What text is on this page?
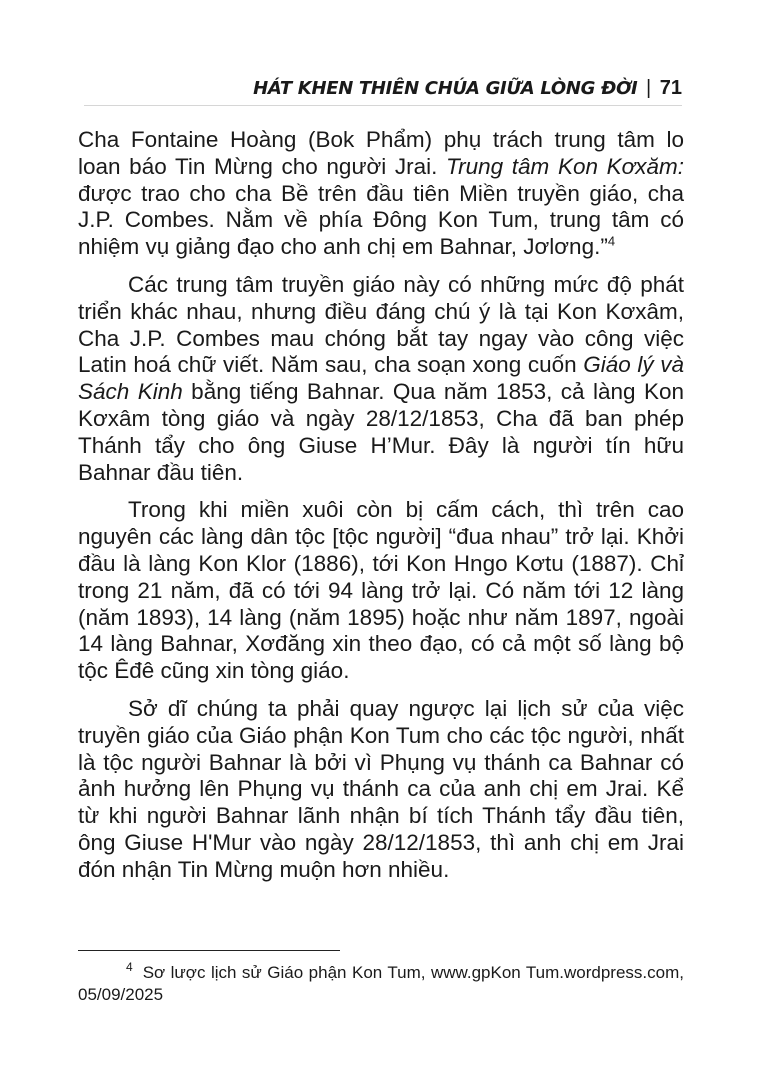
HÁT KHEN THIÊN CHÚA GIỮA LÒNG ĐỜI | 71

Cha Fontaine Hoàng (Bok Phẩm) phụ trách trung tâm lo loan báo Tin Mừng cho người Jrai. Trung tâm Kon Kơxăm: được trao cho cha Bề trên đầu tiên Miền truyền giáo, cha J.P. Combes. Nằm về phía Đông Kon Tum, trung tâm có nhiệm vụ giảng đạo cho anh chị em Bahnar, Jơlơng.”$^4$

Các trung tâm truyền giáo này có những mức độ phát triển khác nhau, nhưng điều đáng chú ý là tại Kon Kơxâm, Cha J.P. Combes mau chóng bắt tay ngay vào công việc Latin hoá chữ viết. Năm sau, cha soạn xong cuốn Giáo lý và Sách Kinh bằng tiếng Bahnar. Qua năm 1853, cả làng Kon Kơxâm tòng giáo và ngày 28/12/1853, Cha đã ban phép Thánh tẩy cho ông Giuse H’Mur. Đây là người tín hữu Bahnar đầu tiên.

Trong khi miền xuôi còn bị cấm cách, thì trên cao nguyên các làng dân tộc [tộc người] “đua nhau” trở lại. Khởi đầu là làng Kon Klor (1886), tới Kon Hngo Kơtu (1887). Chỉ trong 21 năm, đã có tới 94 làng trở lại. Có năm tới 12 làng (năm 1893), 14 làng (năm 1895) hoặc như năm 1897, ngoài 14 làng Bahnar, Xơđăng xin theo đạo, có cả một số làng bộ tộc Êđê cũng xin tòng giáo.

Sở dĩ chúng ta phải quay ngược lại lịch sử của việc truyền giáo của Giáo phận Kon Tum cho các tộc người, nhất là tộc người Bahnar là bởi vì Phụng vụ thánh ca Bahnar có ảnh hưởng lên Phụng vụ thánh ca của anh chị em Jrai. Kể từ khi người Bahnar lãnh nhận bí tích Thánh tẩy đầu tiên, ông Giuse H'Mur vào ngày 28/12/1853, thì anh chị em Jrai đón nhận Tin Mừng muộn hơn nhiều.

$^4$ Sơ lược lịch sử Giáo phận Kon Tum, www.gpKon Tum.wordpress.com, 05/09/2025
